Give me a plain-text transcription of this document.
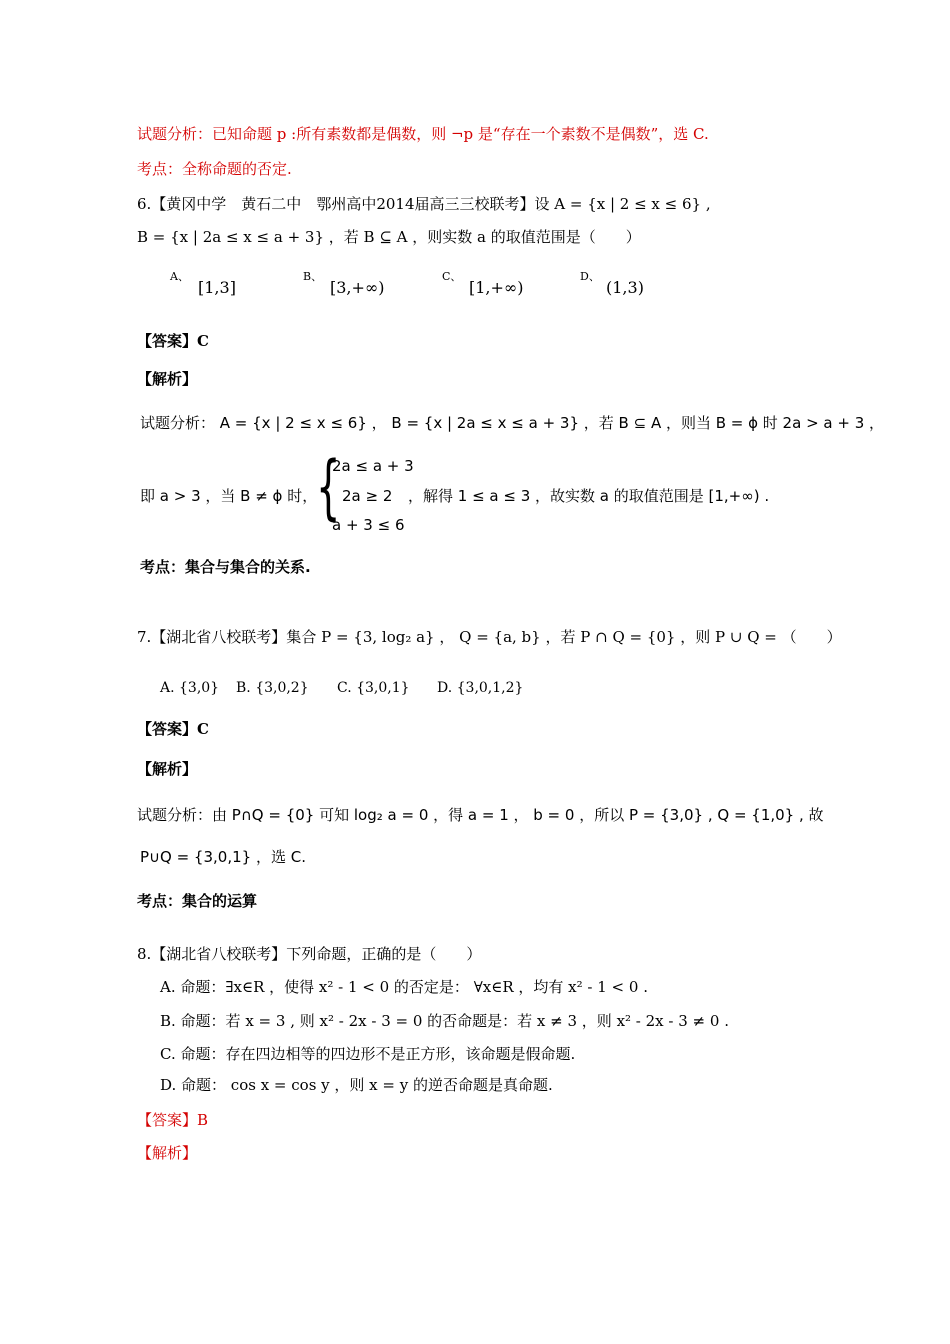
试题分析：已知命题 p :所有素数都是偶数，则 ¬p 是“存在一个素数不是偶数”，选 C.
考点：全称命题的否定.
6.【黄冈中学　黄石二中　鄂州高中2014届高三三校联考】设 A = {x | 2 ≤ x ≤ 6} ,
B = {x | 2a ≤ x ≤ a + 3} ，若 B ⊆ A ，则实数 a 的取值范围是（　　）
A、
[1,3]
B、
[3,+∞)
C、
[1,+∞)
D、
(1,3)
【答案】C
【解析】
试题分析： A = {x | 2 ≤ x ≤ 6} ， B = {x | 2a ≤ x ≤ a + 3} ，若 B ⊆ A ，则当 B = ϕ 时 2a > a + 3 ，
即 a > 3 ，当 B ≠ ϕ 时，
{
2a ≤ a + 3
2a ≥ 2
a + 3 ≤ 6
，解得 1 ≤ a ≤ 3 ，故实数 a 的取值范围是 [1,+∞) .
考点：集合与集合的关系.
7.【湖北省八校联考】集合 P = {3, log₂ a} ， Q = {a, b} ，若 P ∩ Q = {0} ，则 P ∪ Q = （　　）
A. {3,0} B. {3,0,2} C. {3,0,1} D. {3,0,1,2}
【答案】C
【解析】
试题分析：由 P∩Q = {0} 可知 log₂ a = 0 ，得 a = 1 ， b = 0 ，所以 P = {3,0} , Q = {1,0} , 故
P∪Q = {3,0,1} ，选 C.
考点：集合的运算
8.【湖北省八校联考】下列命题，正确的是（　　）
A. 命题：∃x∈R ，使得 x² - 1 < 0 的否定是： ∀x∈R ，均有 x² - 1 < 0 .
B. 命题：若 x = 3 , 则 x² - 2x - 3 = 0 的否命题是：若 x ≠ 3 ，则 x² - 2x - 3 ≠ 0 .
C. 命题：存在四边相等的四边形不是正方形，该命题是假命题.
D. 命题： cos x = cos y ，则 x = y 的逆否命题是真命题.
【答案】B
【解析】
